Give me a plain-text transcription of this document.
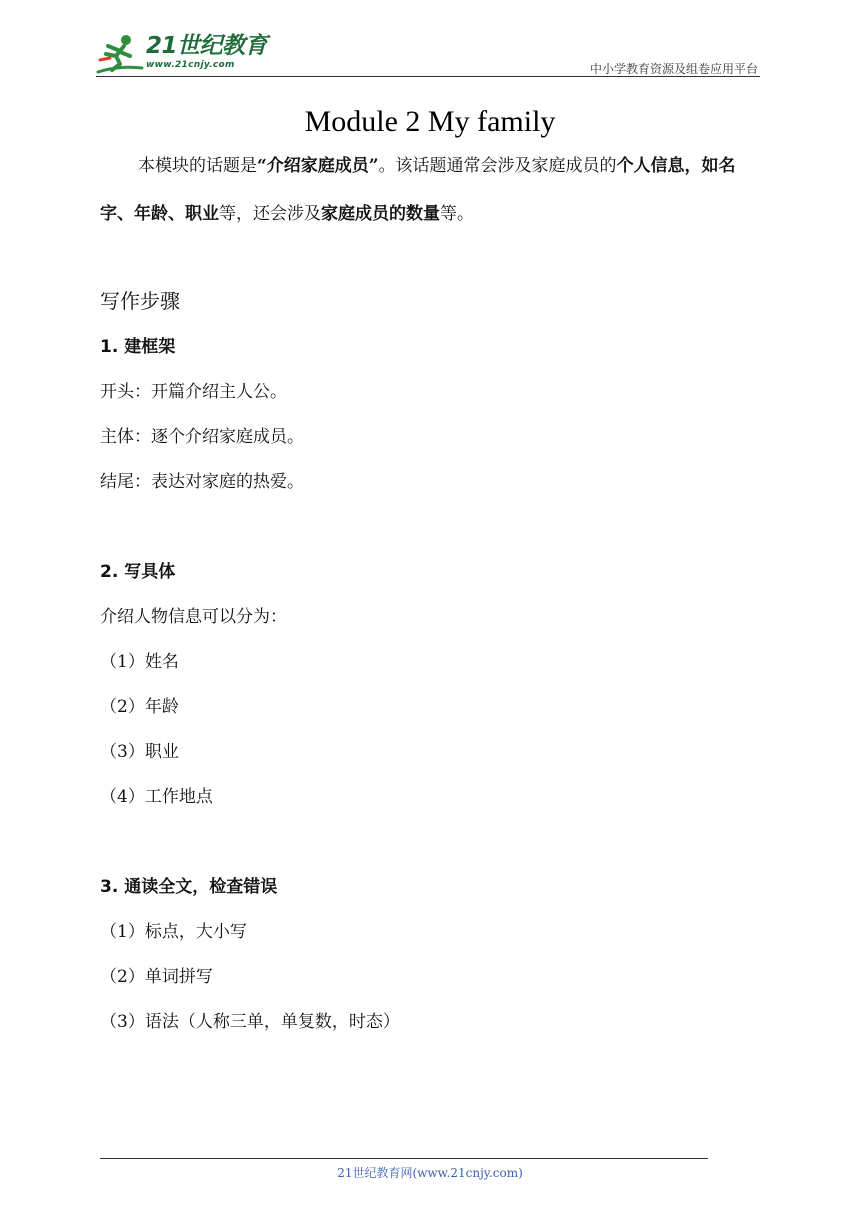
21世纪教育
www.21cnjy.com	中小学教育资源及组卷应用平台
Module 2 My family

本模块的话题是“介绍家庭成员”。该话题通常会涉及家庭成员的个人信息，如名字、年龄、职业等，还会涉及家庭成员的数量等。

写作步骤
1. 建框架
开头：开篇介绍主人公。
主体：逐个介绍家庭成员。
结尾：表达对家庭的热爱。
2. 写具体
介绍人物信息可以分为：
（1）姓名
（2）年龄
（3）职业
（4）工作地点
3. 通读全文，检查错误
（1）标点，大小写
（2）单词拼写
（3）语法（人称三单，单复数，时态）
21世纪教育网(www.21cnjy.com)
